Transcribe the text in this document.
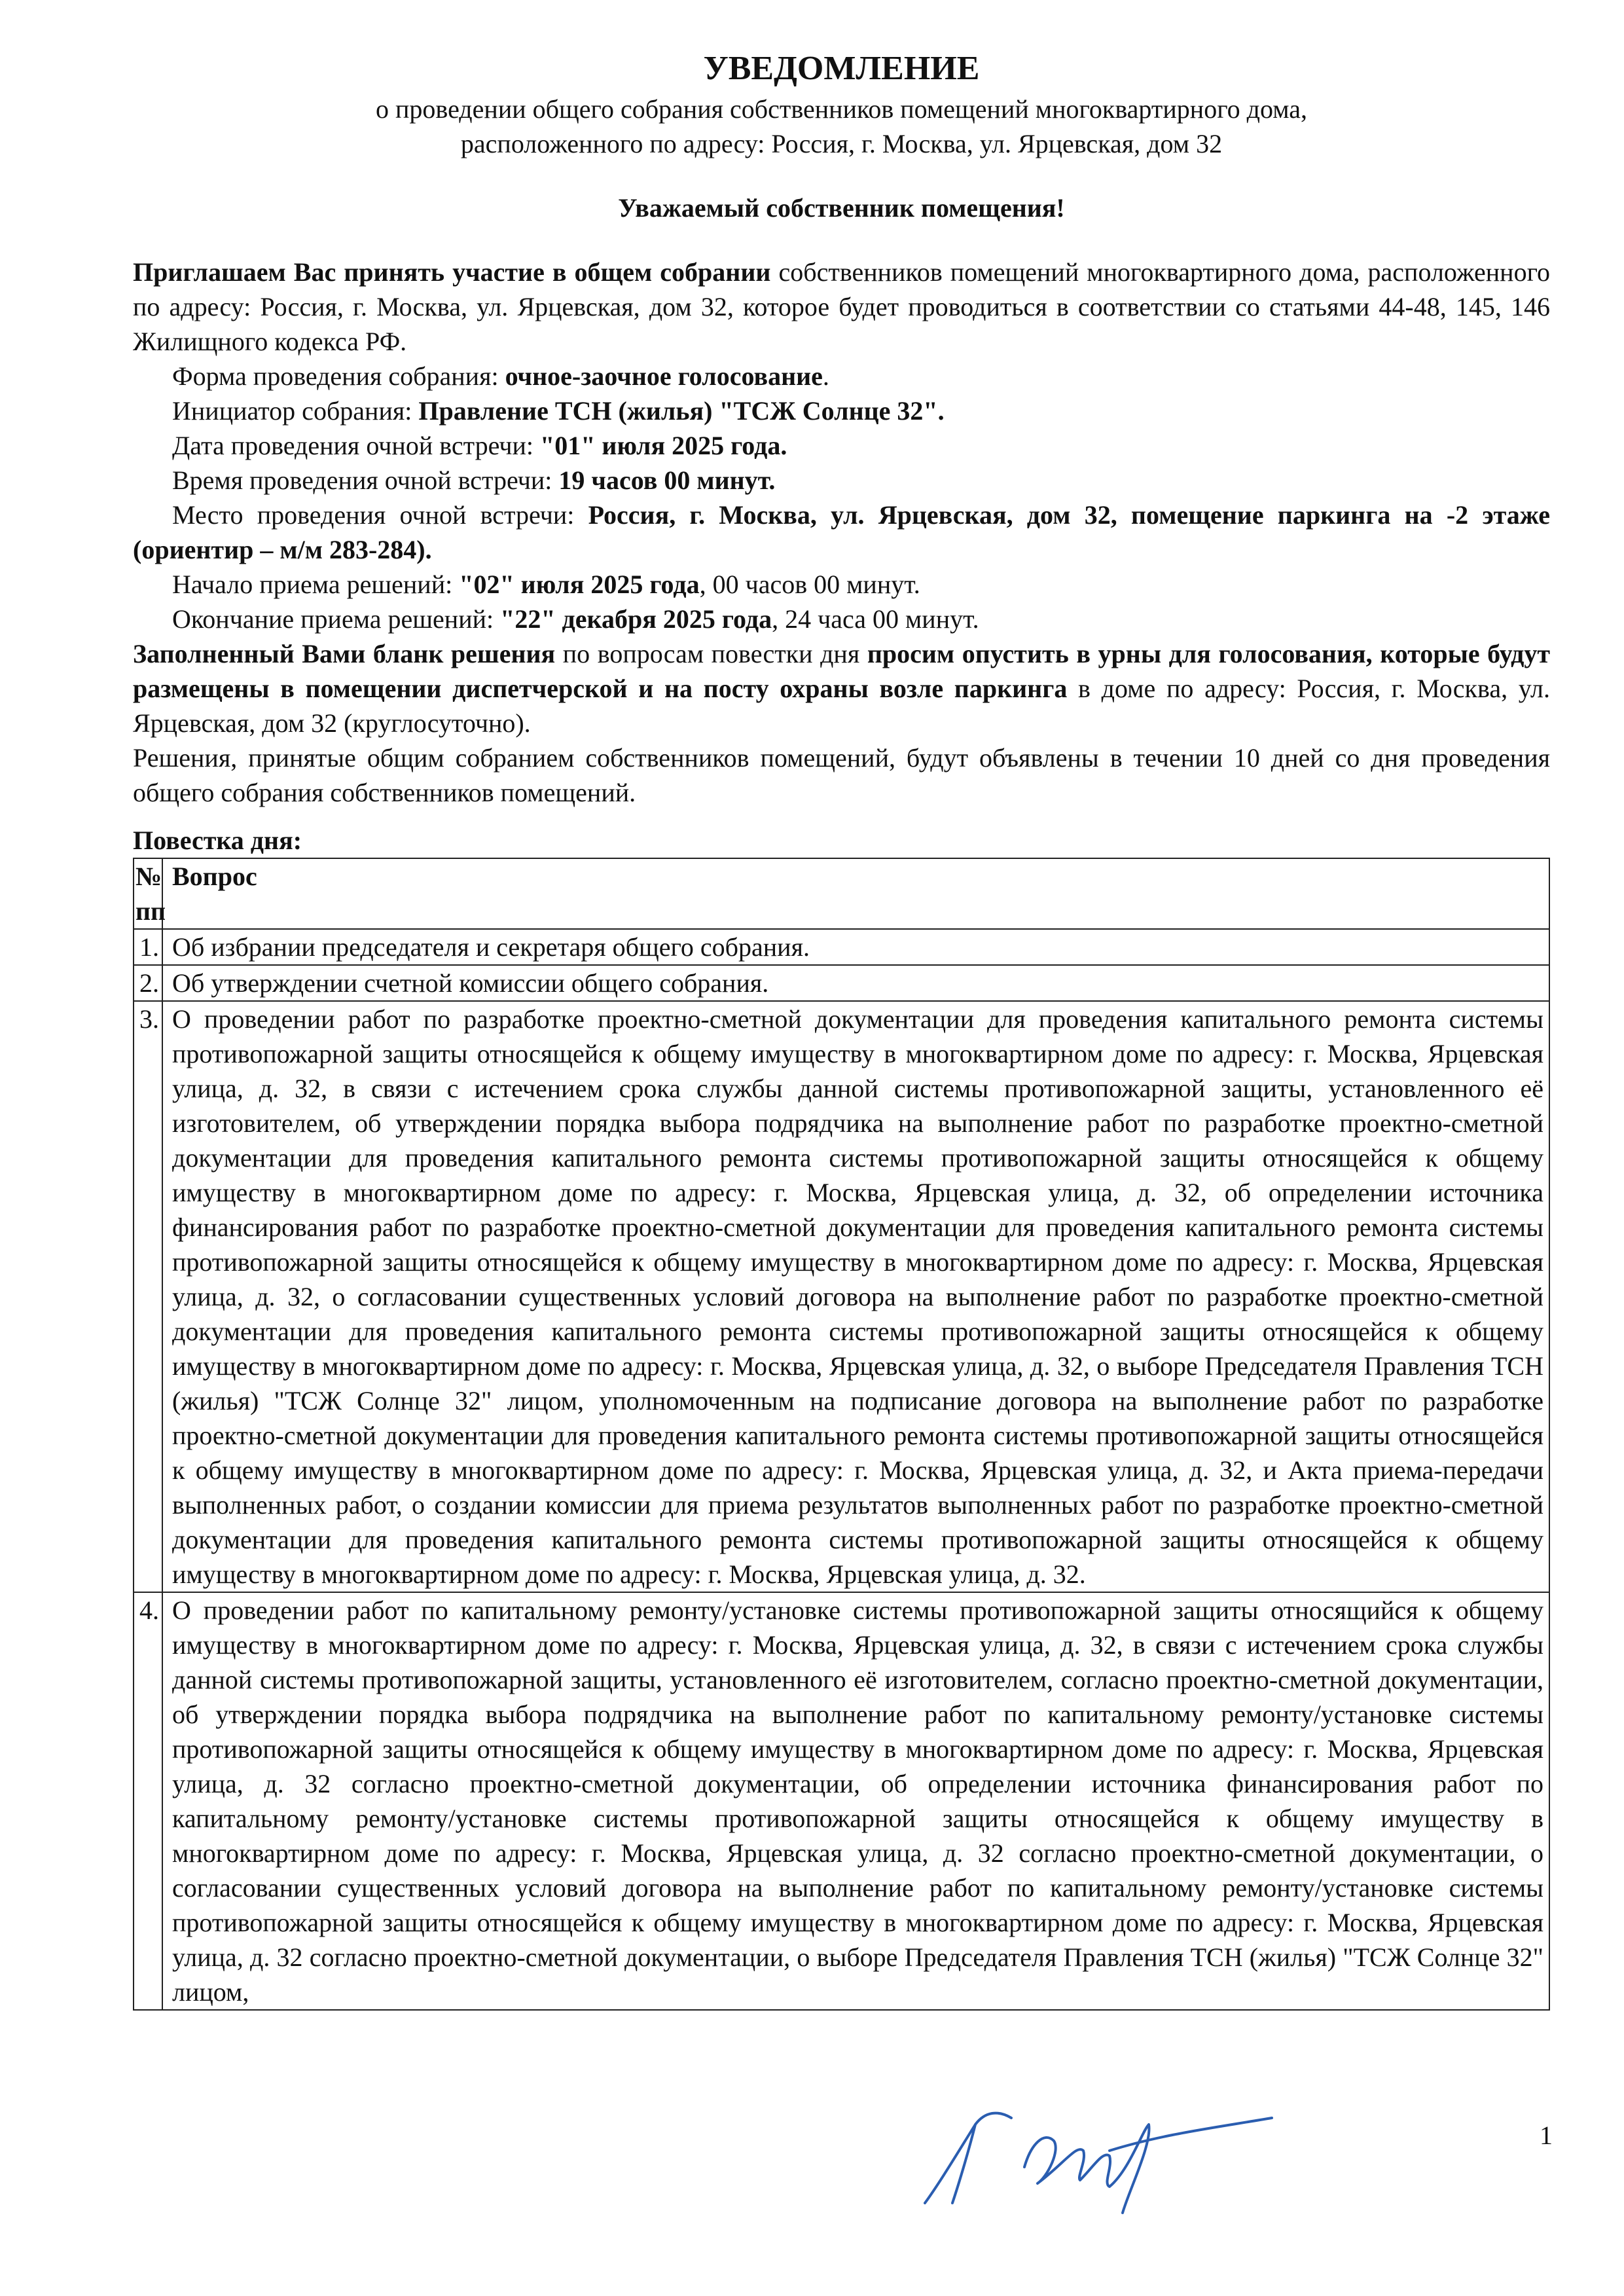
УВЕДОМЛЕНИЕ

о проведении общего собрания собственников помещений многоквартирного дома,

расположенного по адресу: Россия, г. Москва, ул. Ярцевская, дом 32

Уважаемый собственник помещения!

Приглашаем Вас принять участие в общем собрании собственников помещений многоквартирного дома, расположенного по адресу: Россия, г. Москва, ул. Ярцевская, дом 32, которое будет проводиться в соответствии со статьями 44-48, 145, 146 Жилищного кодекса РФ.

Форма проведения собрания: очное-заочное голосование.

Инициатор собрания: Правление ТСН (жилья) "ТСЖ Солнце 32".

Дата проведения очной встречи: "01" июля 2025 года.

Время проведения очной встречи: 19 часов 00 минут.

Место проведения очной встречи: Россия, г. Москва, ул. Ярцевская, дом 32, помещение паркинга на -2 этаже (ориентир – м/м 283-284).

Начало приема решений: "02" июля 2025 года, 00 часов 00 минут.

Окончание приема решений: "22" декабря 2025 года, 24 часа 00 минут.

Заполненный Вами бланк решения по вопросам повестки дня просим опустить в урны для голосования, которые будут размещены в помещении диспетчерской и на посту охраны возле паркинга в доме по адресу: Россия, г. Москва, ул. Ярцевская, дом 32 (круглосуточно).

Решения, принятые общим собранием собственников помещений, будут объявлены в течении 10 дней со дня проведения общего собрания собственников помещений.

Повестка дня:

№ пп	Вопрос
1.	Об избрании председателя и секретаря общего собрания.
2.	Об утверждении счетной комиссии общего собрания.
3.	О проведении работ по разработке проектно-сметной документации для проведения капитального ремонта системы противопожарной защиты относящейся к общему имуществу в многоквартирном доме по адресу: г. Москва, Ярцевская улица, д. 32, в связи с истечением срока службы данной системы противопожарной защиты, установленного её изготовителем, об утверждении порядка выбора подрядчика на выполнение работ по разработке проектно-сметной документации для проведения капитального ремонта системы противопожарной защиты относящейся к общему имуществу в многоквартирном доме по адресу: г. Москва, Ярцевская улица, д. 32, об определении источника финансирования работ по разработке проектно-сметной документации для проведения капитального ремонта системы противопожарной защиты относящейся к общему имуществу в многоквартирном доме по адресу: г. Москва, Ярцевская улица, д. 32, о согласовании существенных условий договора на выполнение работ по разработке проектно-сметной документации для проведения капитального ремонта системы противопожарной защиты относящейся к общему имуществу в многоквартирном доме по адресу: г. Москва, Ярцевская улица, д. 32, о выборе Председателя Правления ТСН (жилья) "ТСЖ Солнце 32" лицом, уполномоченным на подписание договора на выполнение работ по разработке проектно-сметной документации для проведения капитального ремонта системы противопожарной защиты относящейся к общему имуществу в многоквартирном доме по адресу: г. Москва, Ярцевская улица, д. 32, и Акта приема-передачи выполненных работ, о создании комиссии для приема результатов выполненных работ по разработке проектно-сметной документации для проведения капитального ремонта системы противопожарной защиты относящейся к общему имуществу в многоквартирном доме по адресу: г. Москва, Ярцевская улица, д. 32.
4.	О проведении работ по капитальному ремонту/установке системы противопожарной защиты относящийся к общему имуществу в многоквартирном доме по адресу: г. Москва, Ярцевская улица, д. 32, в связи с истечением срока службы данной системы противопожарной защиты, установленного её изготовителем, согласно проектно-сметной документации, об утверждении порядка выбора подрядчика на выполнение работ по капитальному ремонту/установке системы противопожарной защиты относящейся к общему имуществу в многоквартирном доме по адресу: г. Москва, Ярцевская улица, д. 32 согласно проектно-сметной документации, об определении источника финансирования работ по капитальному ремонту/установке системы противопожарной защиты относящейся к общему имуществу в многоквартирном доме по адресу: г. Москва, Ярцевская улица, д. 32 согласно проектно-сметной документации, о согласовании существенных условий договора на выполнение работ по капитальному ремонту/установке системы противопожарной защиты относящейся к общему имуществу в многоквартирном доме по адресу: г. Москва, Ярцевская улица, д. 32 согласно проектно-сметной документации, о выборе Председателя Правления ТСН (жилья) "ТСЖ Солнце 32" лицом,
1
